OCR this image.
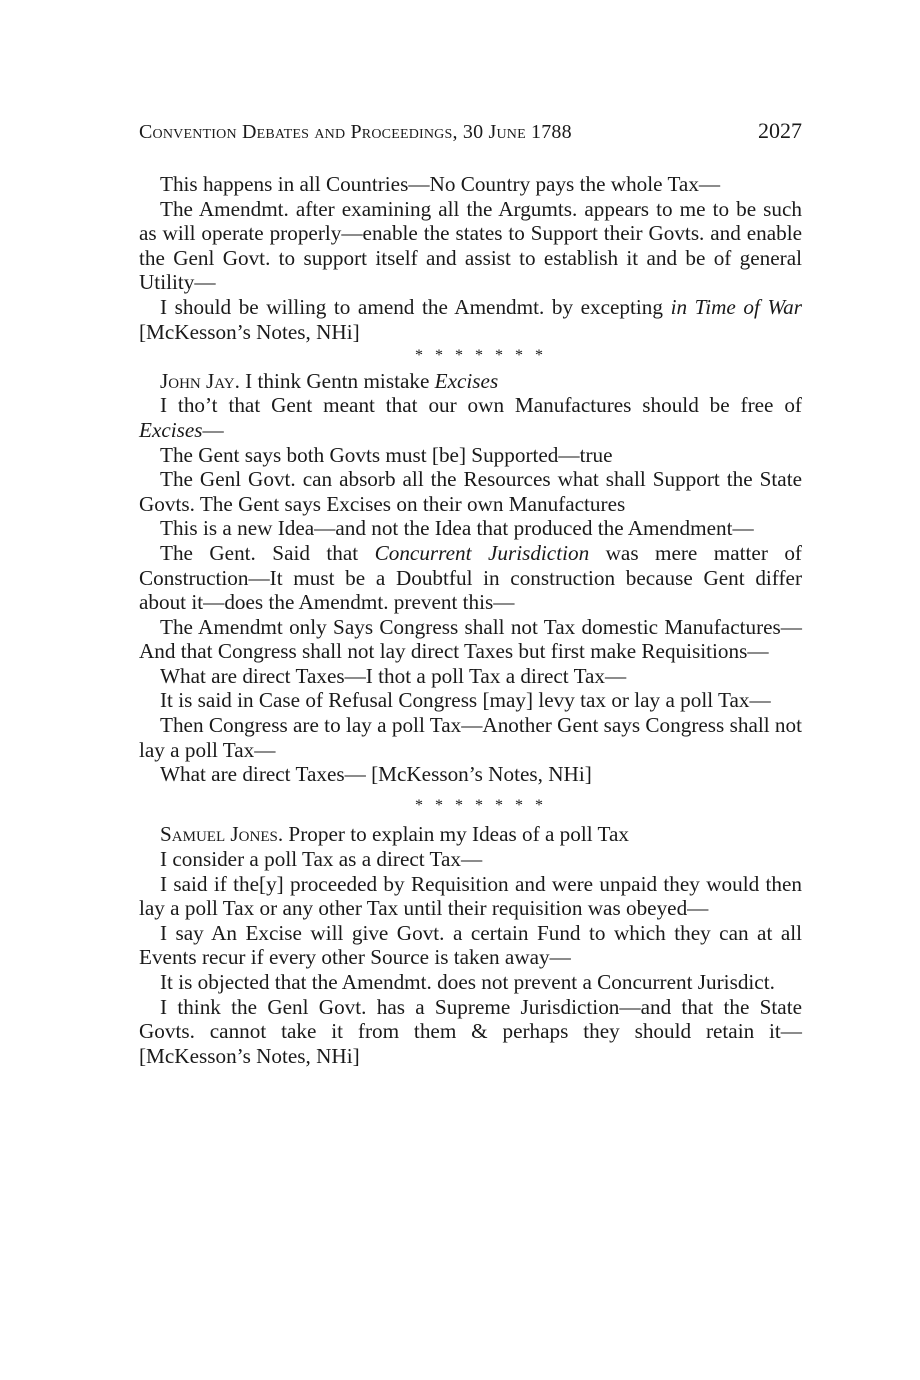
Convention Debates and Proceedings, 30 June 1788	2027

This happens in all Countries—No Country pays the whole Tax—

The Amendmt. after examining all the Argumts. appears to me to be such as will operate properly—enable the states to Support their Govts. and enable the Genl Govt. to support itself and assist to establish it and be of general Utility—

I should be willing to amend the Amendmt. by excepting in Time of War [McKesson’s Notes, NHi]

* * * * * * *

John Jay. I think Gentn mistake Excises

I tho’t that Gent meant that our own Manufactures should be free of Excises—

The Gent says both Govts must [be] Supported—true

The Genl Govt. can absorb all the Resources what shall Support the State Govts. The Gent says Excises on their own Manufactures

This is a new Idea—and not the Idea that produced the Amendment—

The Gent. Said that Concurrent Jurisdiction was mere matter of Construction—It must be a Doubtful in construction because Gent differ about it—does the Amendmt. prevent this—

The Amendmt only Says Congress shall not Tax domestic Manufactures—And that Congress shall not lay direct Taxes but first make Requisitions—

What are direct Taxes—I thot a poll Tax a direct Tax—

It is said in Case of Refusal Congress [may] levy tax or lay a poll Tax—

Then Congress are to lay a poll Tax—Another Gent says Congress shall not lay a poll Tax—

What are direct Taxes— [McKesson’s Notes, NHi]

* * * * * * *

Samuel Jones. Proper to explain my Ideas of a poll Tax

I consider a poll Tax as a direct Tax—

I said if the[y] proceeded by Requisition and were unpaid they would then lay a poll Tax or any other Tax until their requisition was obeyed—

I say An Excise will give Govt. a certain Fund to which they can at all Events recur if every other Source is taken away—

It is objected that the Amendmt. does not prevent a Concurrent Jurisdict.

I think the Genl Govt. has a Supreme Jurisdiction—and that the State Govts. cannot take it from them & perhaps they should retain it— [McKesson’s Notes, NHi]
